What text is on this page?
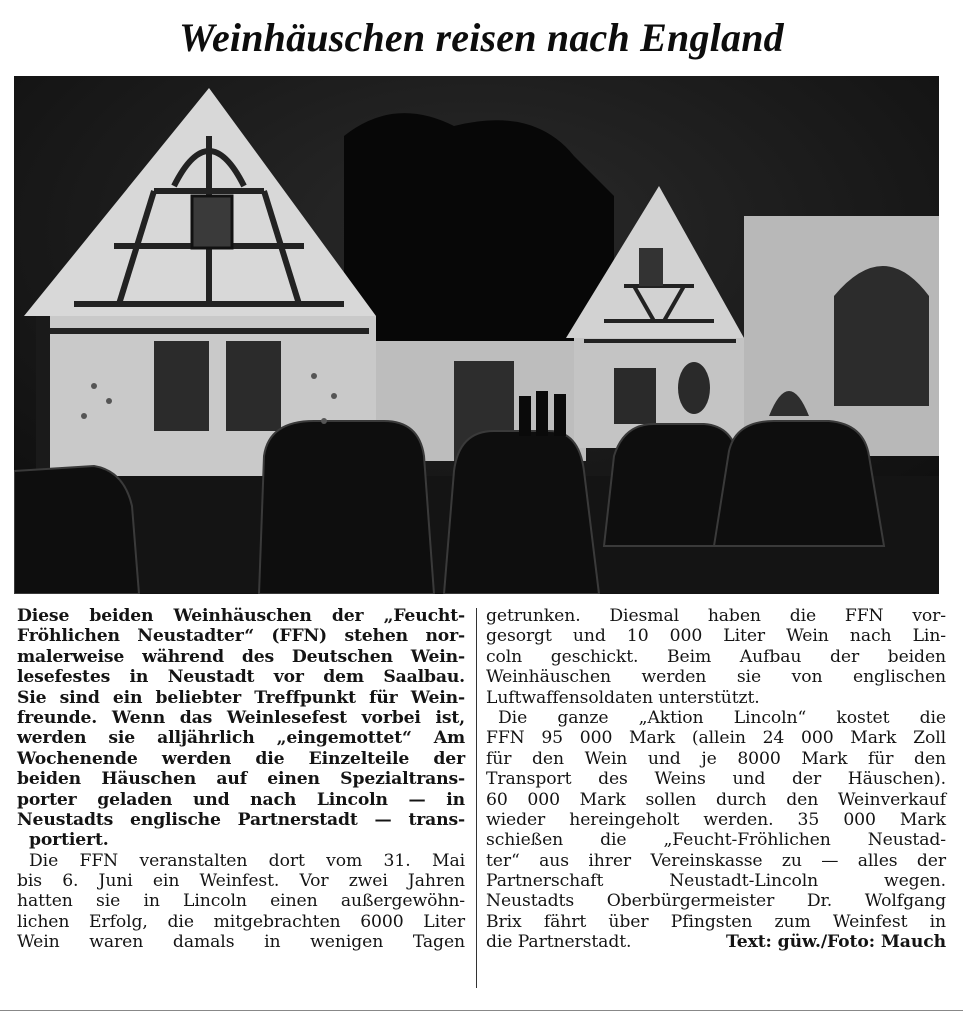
Weinhäuschen reisen nach England
Diese beiden Weinhäuschen der „Feucht-
Fröhlichen Neustadter“ (FFN) stehen nor-
malerweise während des Deutschen Wein-
lesefestes in Neustadt vor dem Saalbau.
Sie sind ein beliebter Treffpunkt für Wein-
freunde. Wenn das Weinlesefest vorbei ist,
werden sie alljährlich „eingemottet“ Am
Wochenende werden die Einzelteile der
beiden Häuschen auf einen Spezialtrans-
porter geladen und nach Lincoln — in
Neustadts englische Partnerstadt — trans-
portiert.
Die FFN veranstalten dort vom 31. Mai
bis 6. Juni ein Weinfest. Vor zwei Jahren
hatten sie in Lincoln einen außergewöhn-
lichen Erfolg, die mitgebrachten 6000 Liter
Wein waren damals in wenigen Tagen
getrunken. Diesmal haben die FFN vor-
gesorgt und 10 000 Liter Wein nach Lin-
coln geschickt. Beim Aufbau der beiden
Weinhäuschen werden sie von englischen
Luftwaffensoldaten unterstützt.
Die ganze „Aktion Lincoln“ kostet die
FFN 95 000 Mark (allein 24 000 Mark Zoll
für den Wein und je 8000 Mark für den
Transport des Weins und der Häuschen).
60 000 Mark sollen durch den Weinverkauf
wieder hereingeholt werden. 35 000 Mark
schießen die „Feucht-Fröhlichen Neustad-
ter“ aus ihrer Vereinskasse zu — alles der
Partnerschaft Neustadt-Lincoln wegen.
Neustadts Oberbürgermeister Dr. Wolfgang
Brix fährt über Pfingsten zum Weinfest in
die Partnerstadt.	Text: güw./Foto: Mauch
